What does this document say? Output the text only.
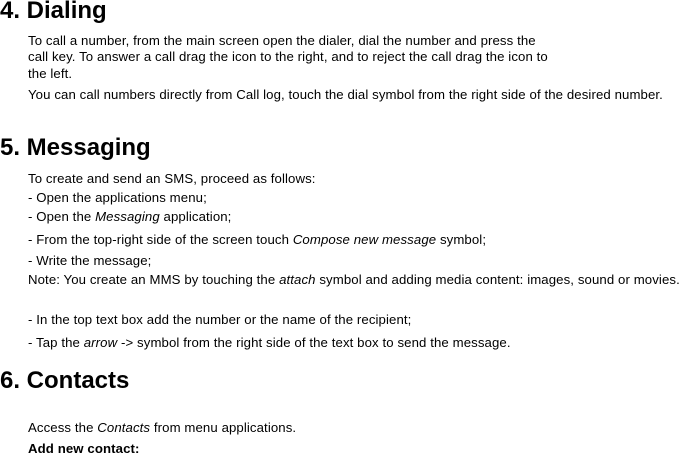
4. Dialing

To call a number, from the main screen open the dialer, dial the number and press the

call key. To answer a call drag the icon to the right, and to reject the call drag the icon to

the left.

You can call numbers directly from Call log, touch the dial symbol from the right side of the desired number.

5. Messaging

To create and send an SMS, proceed as follows:

- Open the applications menu;

- Open the Messaging application;

- From the top-right side of the screen touch Compose new message symbol;

- Write the message;

Note: You create an MMS by touching the attach symbol and adding media content: images, sound or movies.

- In the top text box add the number or the name of the recipient;

- Tap the arrow -> symbol from the right side of the text box to send the message.

6. Contacts

Access the Contacts from menu applications.

Add new contact:
